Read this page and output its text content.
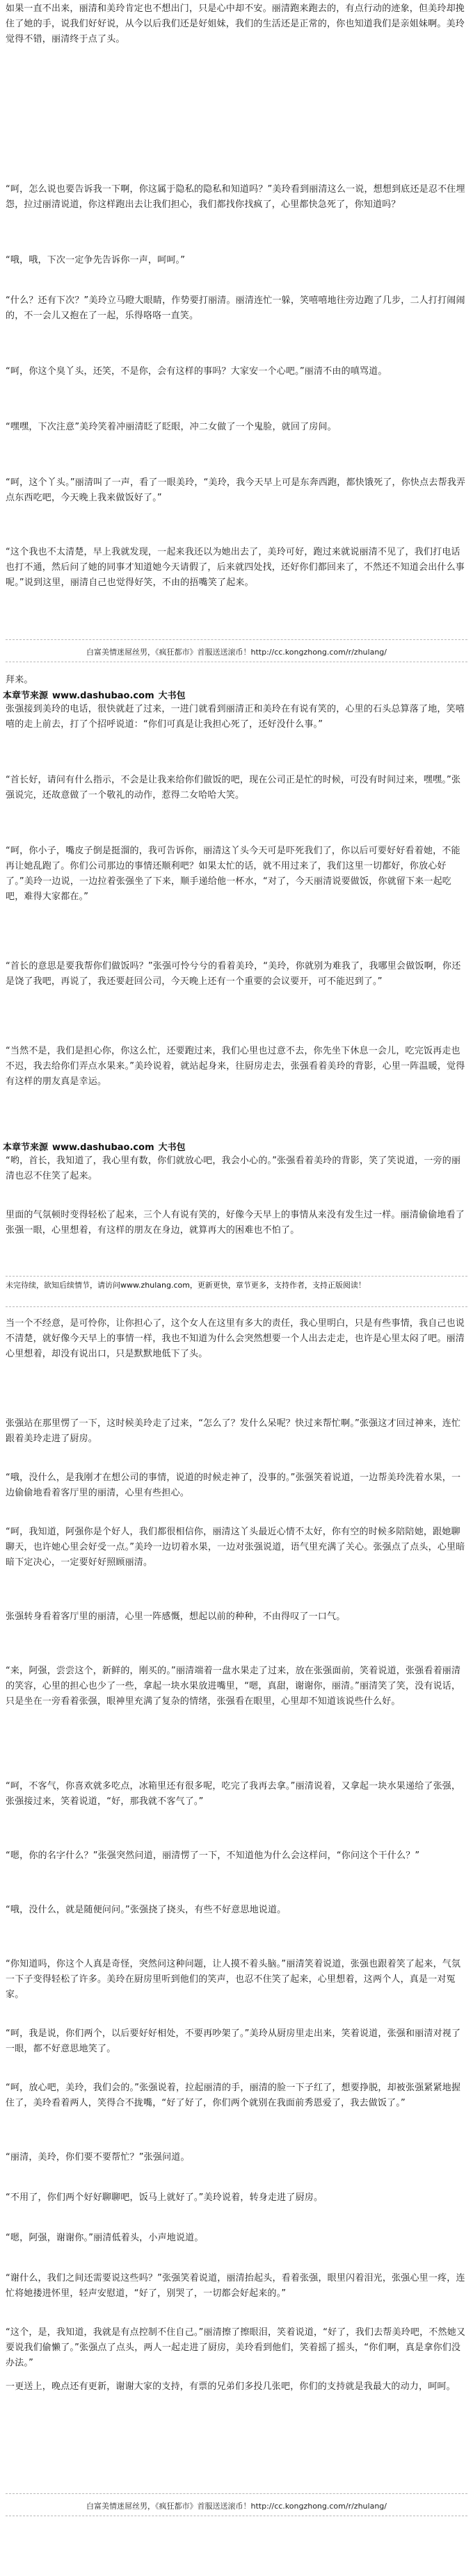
如果一直不出来，丽清和美玲肯定也不想出门，只是心中却不安。丽清跑来跑去的，有点行动的迹象，但美玲却挽住了她的手，说我们好好说，从今以后我们还是好姐妹，我们的生活还是正常的，你也知道我们是亲姐妹啊。美玲觉得不错，丽清终于点了头。
“呵，怎么说也要告诉我一下啊，你这属于隐私的隐私和知道吗？”美玲看到丽清这么一说，想想到底还是忍不住埋怨，拉过丽清说道，你这样跑出去让我们担心，我们都找你找疯了，心里都快急死了，你知道吗？
“哦，哦，下次一定争先告诉你一声，呵呵。”
“什么？还有下次？”美玲立马瞪大眼睛，作势要打丽清。丽清连忙一躲，笑嘻嘻地往旁边跑了几步，二人打打闹闹的，不一会儿又抱在了一起，乐得咯咯一直笑。
“呵，你这个臭丫头，还笑，不是你，会有这样的事吗？大家安一个心吧。”丽清不由的嗔骂道。
“嘿嘿，下次注意”美玲笑着冲丽清眨了眨眼，冲二女做了一个鬼脸，就回了房间。
“呵，这个丫头。”丽清叫了一声，看了一眼美玲，“美玲，我今天早上可是东奔西跑，都快饿死了，你快点去帮我弄点东西吃吧，今天晚上我来做饭好了。”
“这个我也不太清楚，早上我就发现，一起来我还以为她出去了，美玲可好，跑过来就说丽清不见了，我们打电话也打不通，然后问了她的同事才知道她今天请假了，后来就四处找，还好你们都回来了，不然还不知道会出什么事呢。”说到这里，丽清自己也觉得好笑，不由的捂嘴笑了起来。
白富美情迷屌丝男，《疯狂都市》首服送送滚币！http://cc.kongzhong.com/r/zhulang/
拜来。
本章节来源 www.dashubao.com 大书包
张强接到美玲的电话，很快就赶了过来，一进门就看到丽清正和美玲在有说有笑的，心里的石头总算落了地，笑嘻嘻的走上前去，打了个招呼说道：“你们可真是让我担心死了，还好没什么事。”
“首长好，请问有什么指示，不会是让我来给你们做饭的吧，现在公司正是忙的时候，可没有时间过来，嘿嘿。”张强说完，还故意做了一个敬礼的动作，惹得二女哈哈大笑。
“呵，你小子，嘴皮子倒是挺溜的，我可告诉你，丽清这丫头今天可是吓死我们了，你以后可要好好看着她，不能再让她乱跑了。你们公司那边的事情还顺利吧？如果太忙的话，就不用过来了，我们这里一切都好，你放心好了。”美玲一边说，一边拉着张强坐了下来，顺手递给他一杯水，“对了，今天丽清说要做饭，你就留下来一起吃吧，难得大家都在。”
“首长的意思是要我帮你们做饭吗？”张强可怜兮兮的看着美玲，“美玲，你就别为难我了，我哪里会做饭啊，你还是饶了我吧，再说了，我还要赶回公司，今天晚上还有一个重要的会议要开，可不能迟到了。”
“当然不是，我们是担心你，你这么忙，还要跑过来，我们心里也过意不去，你先坐下休息一会儿，吃完饭再走也不迟，我去给你们弄点水果来。”美玲说着，就站起身来，往厨房走去，张强看着美玲的背影，心里一阵温暖，觉得有这样的朋友真是幸运。
本章节来源 www.dashubao.com 大书包
“哟，首长，我知道了，我心里有数，你们就放心吧，我会小心的。”张强看着美玲的背影，笑了笑说道，一旁的丽清也忍不住笑了起来。
里面的气氛顿时变得轻松了起来，三个人有说有笑的，好像今天早上的事情从来没有发生过一样。丽清偷偷地看了张强一眼，心里想着，有这样的朋友在身边，就算再大的困难也不怕了。
未完待续，欲知后续情节，请访问www.zhulang.com，更新更快，章节更多，支持作者，支持正版阅读！
当一个不经意，是可怜你，让你担心了，这个女人在这里有多大的责任，我心里明白，只是有些事情，我自己也说不清楚，就好像今天早上的事情一样，我也不知道为什么会突然想要一个人出去走走，也许是心里太闷了吧。丽清心里想着，却没有说出口，只是默默地低下了头。
张强站在那里愣了一下，这时候美玲走了过来，“怎么了？发什么呆呢？快过来帮忙啊。”张强这才回过神来，连忙跟着美玲走进了厨房。
“哦，没什么，是我刚才在想公司的事情，说道的时候走神了，没事的。”张强笑着说道，一边帮美玲洗着水果，一边偷偷地看着客厅里的丽清，心里有些担心。
“呵，我知道，阿强你是个好人，我们都很相信你，丽清这丫头最近心情不太好，你有空的时候多陪陪她，跟她聊聊天，也许她心里会好受一点。”美玲一边切着水果，一边对张强说道，语气里充满了关心。张强点了点头，心里暗暗下定决心，一定要好好照顾丽清。
张强转身看着客厅里的丽清，心里一阵感慨，想起以前的种种，不由得叹了一口气。
“来，阿强，尝尝这个，新鲜的，刚买的。”丽清端着一盘水果走了过来，放在张强面前，笑着说道，张强看着丽清的笑容，心里的担心也少了一些，拿起一块水果放进嘴里，“嗯，真甜，谢谢你，丽清。”丽清笑了笑，没有说话，只是坐在一旁看着张强，眼神里充满了复杂的情绪，张强看在眼里，心里却不知道该说些什么好。
“呵，不客气，你喜欢就多吃点，冰箱里还有很多呢，吃完了我再去拿。”丽清说着，又拿起一块水果递给了张强，张强接过来，笑着说道，“好，那我就不客气了。”
“嗯，你的名字什么？”张强突然问道，丽清愣了一下，不知道他为什么会这样问，“你问这个干什么？”
“哦，没什么，就是随便问问。”张强挠了挠头，有些不好意思地说道。
“你知道吗，你这个人真是奇怪，突然问这种问题，让人摸不着头脑。”丽清笑着说道，张强也跟着笑了起来，气氛一下子变得轻松了许多。美玲在厨房里听到他们的笑声，也忍不住笑了起来，心里想着，这两个人，真是一对冤家。
“呵，我是说，你们两个，以后要好好相处，不要再吵架了。”美玲从厨房里走出来，笑着说道，张强和丽清对视了一眼，都不好意思地笑了。
“呵，放心吧，美玲，我们会的。”张强说着，拉起丽清的手，丽清的脸一下子红了，想要挣脱，却被张强紧紧地握住了，美玲看着两人，笑得合不拢嘴，“好了好了，你们两个就别在我面前秀恩爱了，我去做饭了。”
“丽清，美玲，你们要不要帮忙？”张强问道。
“不用了，你们两个好好聊聊吧，饭马上就好了。”美玲说着，转身走进了厨房。
“嗯，阿强，谢谢你。”丽清低着头，小声地说道。
“谢什么，我们之间还需要说这些吗？”张强笑着说道，丽清抬起头，看着张强，眼里闪着泪光，张强心里一疼，连忙将她搂进怀里，轻声安慰道，“好了，别哭了，一切都会好起来的。”
“这个，是，我知道，我就是有点控制不住自己。”丽清擦了擦眼泪，笑着说道，“好了，我们去帮美玲吧，不然她又要说我们偷懒了。”张强点了点头，两人一起走进了厨房，美玲看到他们，笑着摇了摇头，“你们啊，真是拿你们没办法。”
一更送上，晚点还有更新，谢谢大家的支持，有票的兄弟们多投几张吧，你们的支持就是我最大的动力，呵呵。
白富美情迷屌丝男，《疯狂都市》首服送送滚币！http://cc.kongzhong.com/r/zhulang/
